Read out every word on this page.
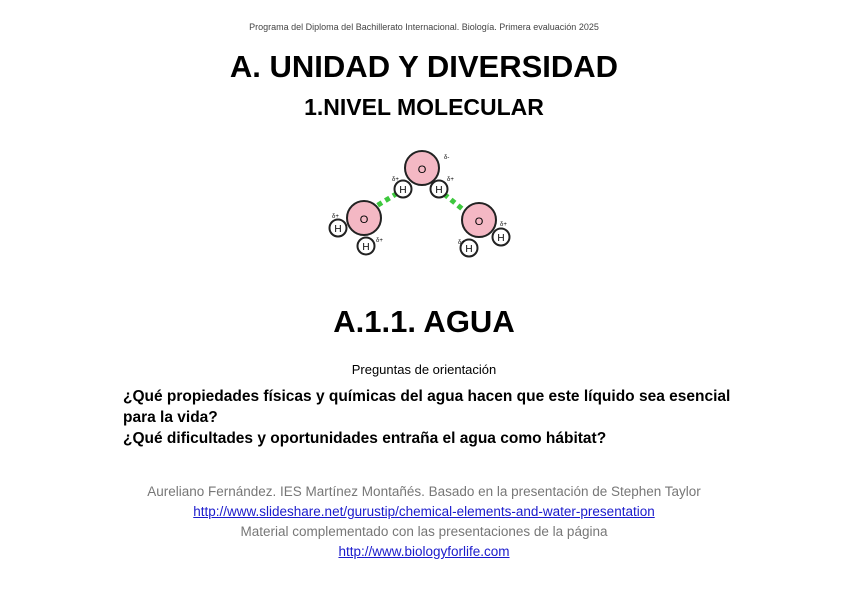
Programa del Diploma del Bachillerato Internacional. Biología. Primera evaluación 2025
A. UNIDAD Y DIVERSIDAD
1.NIVEL MOLECULAR
O
H	H
δ-
δ+	δ+
O
H
H
δ+
δ+
O
H
H
δ+
δ+
A.1.1. AGUA
Preguntas de orientación

¿Qué propiedades físicas y químicas del agua hacen que este líquido sea esencial para la vida?

¿Qué dificultades y oportunidades entraña el agua como hábitat?

Aureliano Fernández. IES Martínez Montañés. Basado en la presentación de Stephen Taylor
http://www.slideshare.net/gurustip/chemical-elements-and-water-presentation
Material complementado con las presentaciones de la página
http://www.biologyforlife.com
